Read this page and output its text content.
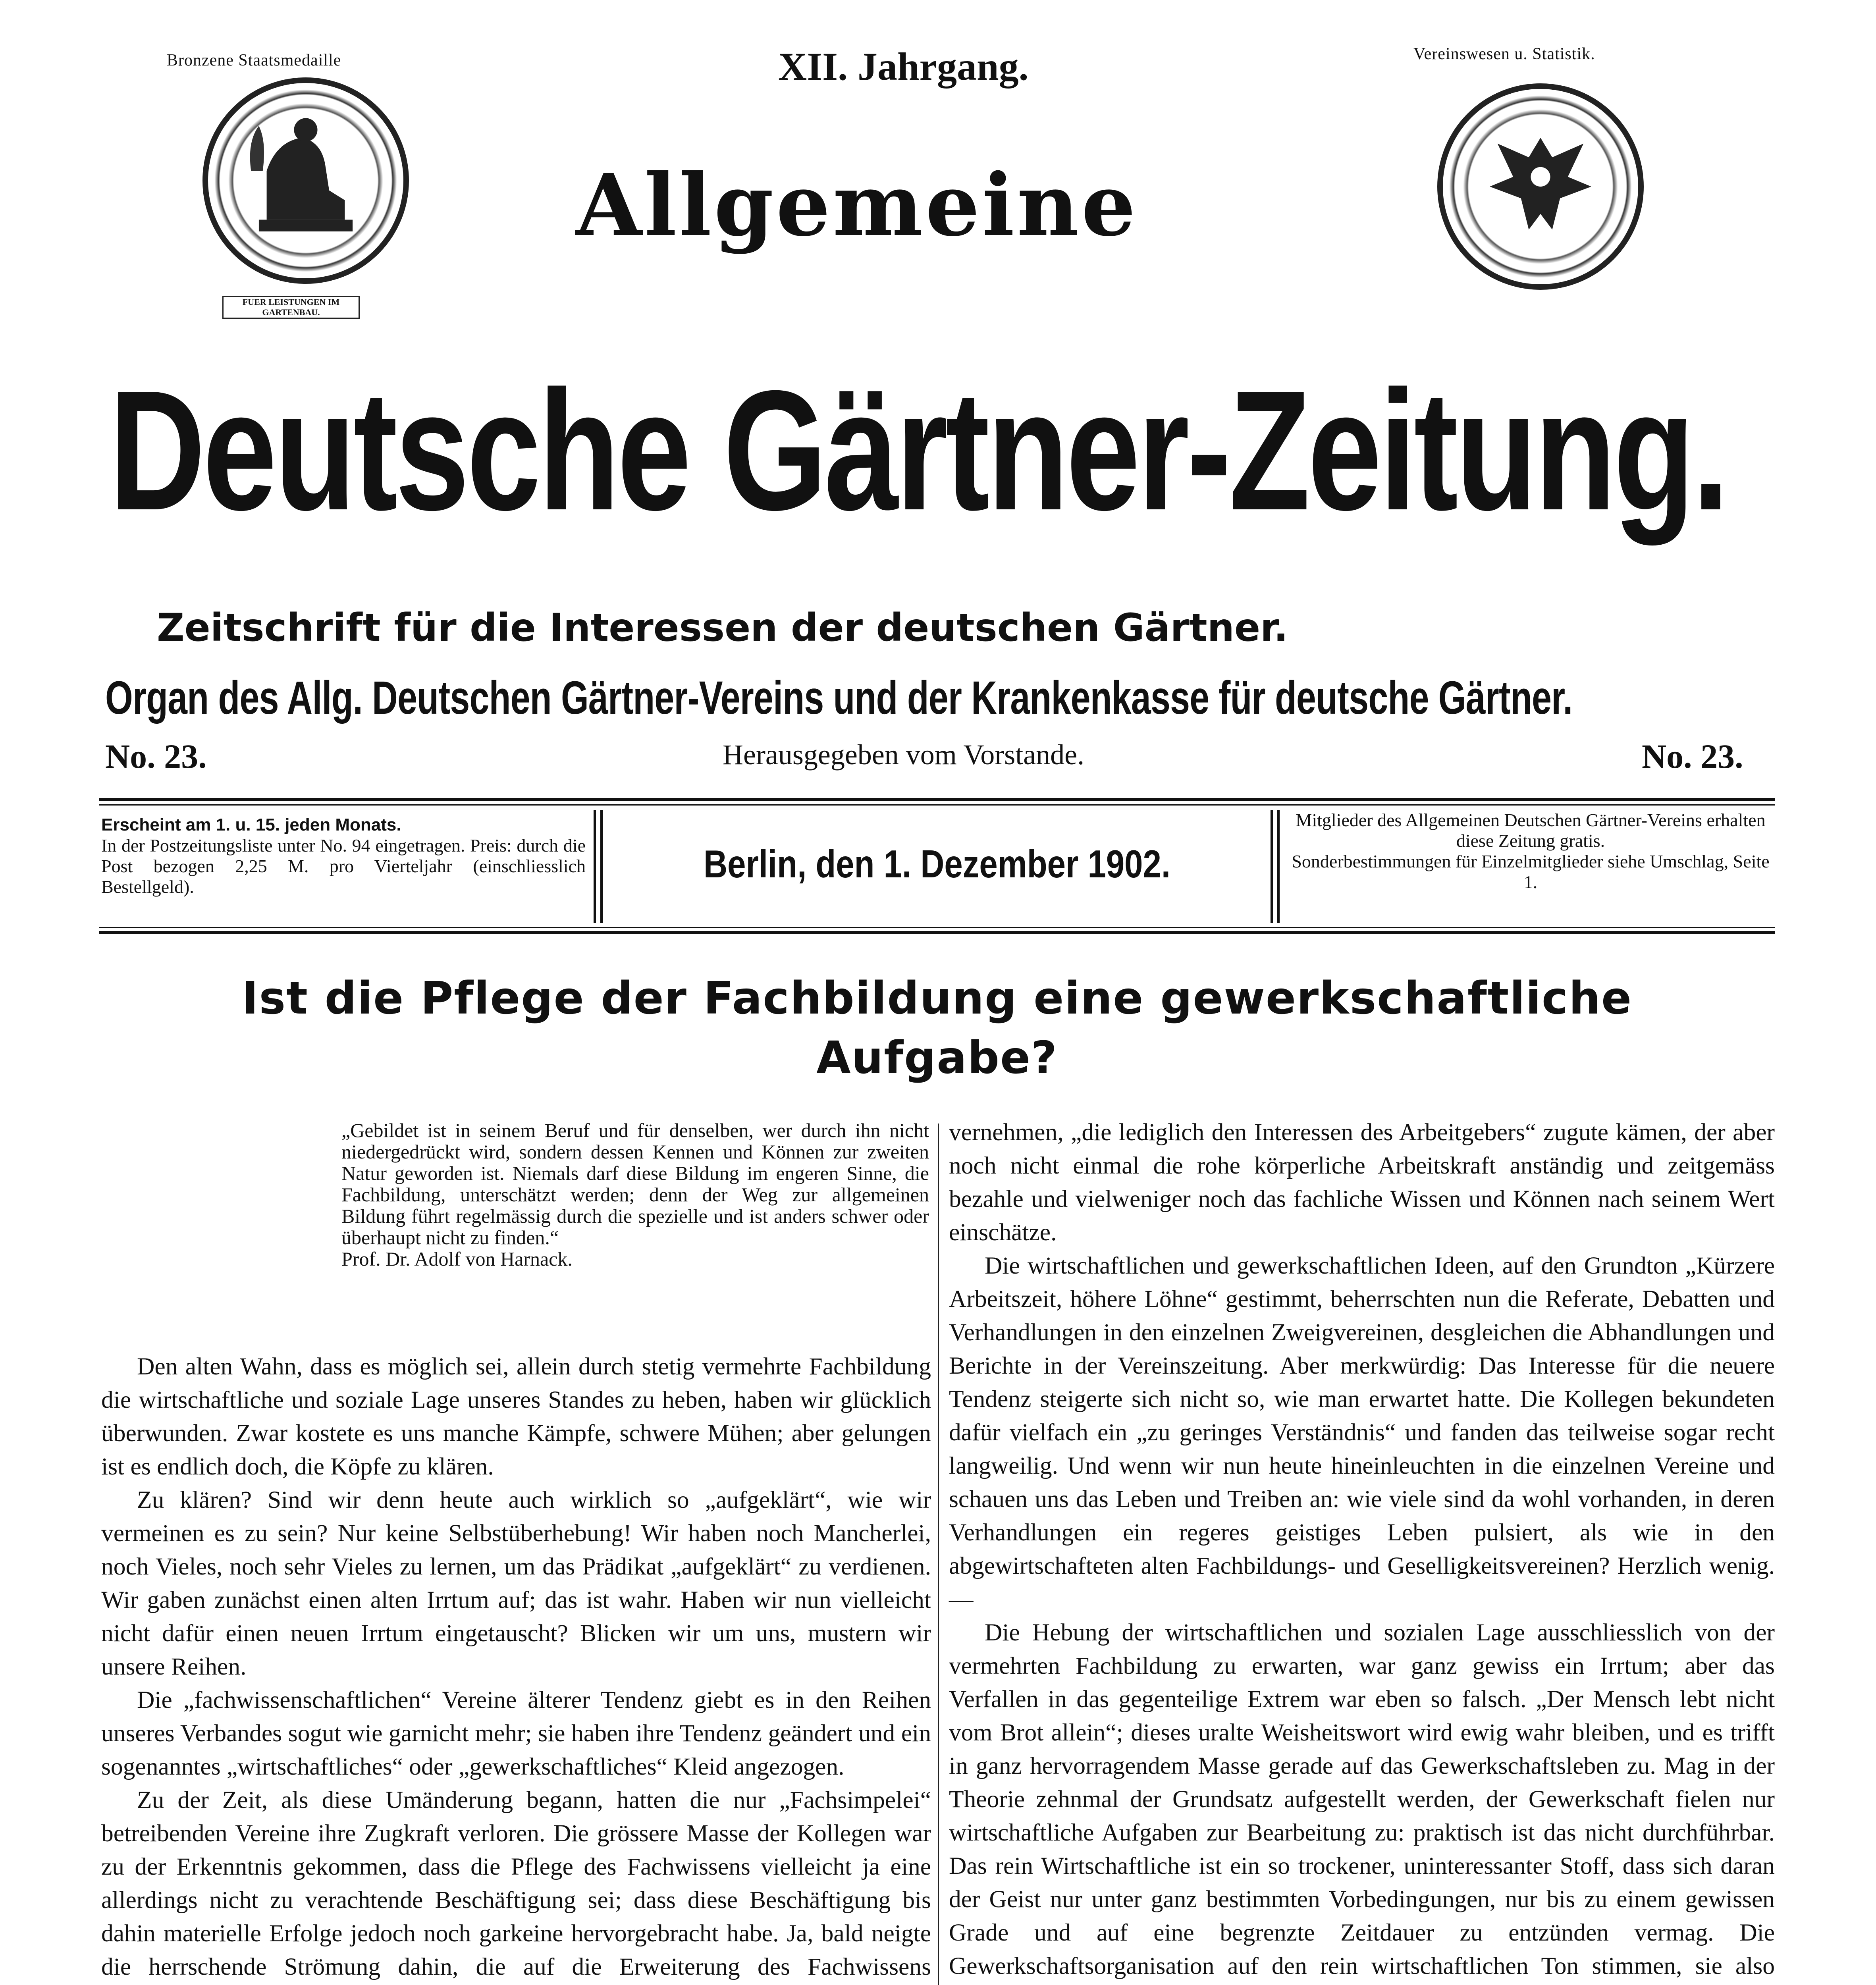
Bronzene Staatsmedaille	Vereinswesen u. Statistik.
FUER LEISTUNGEN IM GARTENBAU.
XII. Jahrgang.
Allgemeine
Deutsche Gärtner-Zeitung.
Zeitschrift für die Interessen der deutschen Gärtner.
Organ des Allg. Deutschen Gärtner-Vereins und der Krankenkasse für deutsche Gärtner.
No. 23.	Herausgegeben vom Vorstande.	No. 23.
Erscheint am 1. u. 15. jeden Monats.
In der Postzeitungsliste unter No. 94 eingetragen. Preis: durch die Post bezogen 2,25 M. pro Vierteljahr (einschliesslich Bestellgeld).
Berlin, den 1. Dezember 1902.
Mitglieder des Allgemeinen Deutschen Gärtner-Vereins erhalten diese Zeitung gratis.
Sonderbestimmungen für Einzelmitglieder siehe Umschlag, Seite 1.
Ist die Pflege der Fachbildung eine gewerkschaftliche Aufgabe?
„Gebildet ist in seinem Beruf und für denselben, wer durch ihn nicht niedergedrückt wird, sondern dessen Kennen und Können zur zweiten Natur geworden ist. Niemals darf diese Bildung im engeren Sinne, die Fachbildung, unterschätzt werden; denn der Weg zur allgemeinen Bildung führt regelmässig durch die spezielle und ist anders schwer oder überhaupt nicht zu finden.“
Prof. Dr. Adolf von Harnack.

Den alten Wahn, dass es möglich sei, allein durch stetig vermehrte Fachbildung die wirtschaftliche und soziale Lage unseres Standes zu heben, haben wir glücklich überwunden. Zwar kostete es uns manche Kämpfe, schwere Mühen; aber gelungen ist es endlich doch, die Köpfe zu klären.

Zu klären? Sind wir denn heute auch wirklich so „aufgeklärt“, wie wir vermeinen es zu sein? Nur keine Selbstüberhebung! Wir haben noch Mancherlei, noch Vieles, noch sehr Vieles zu lernen, um das Prädikat „aufgeklärt“ zu verdienen. Wir gaben zunächst einen alten Irrtum auf; das ist wahr. Haben wir nun vielleicht nicht dafür einen neuen Irrtum eingetauscht? Blicken wir um uns, mustern wir unsere Reihen.

Die „fachwissenschaftlichen“ Vereine älterer Tendenz giebt es in den Reihen unseres Verbandes sogut wie garnicht mehr; sie haben ihre Tendenz geändert und ein sogenanntes „wirtschaftliches“ oder „gewerkschaftliches“ Kleid angezogen.

Zu der Zeit, als diese Umänderung begann, hatten die nur „Fachsimpelei“ betreibenden Vereine ihre Zugkraft verloren. Die grössere Masse der Kollegen war zu der Erkenntnis gekommen, dass die Pflege des Fachwissens vielleicht ja eine allerdings nicht zu verachtende Beschäftigung sei; dass diese Beschäftigung bis dahin materielle Erfolge jedoch noch garkeine hervorgebracht habe. Ja, bald neigte die herrschende Strömung dahin, die auf die Erweiterung des Fachwissens

vernehmen, „die lediglich den Interessen des Arbeitgebers“ zugute kämen, der aber noch nicht einmal die rohe körperliche Arbeitskraft anständig und zeitgemäss bezahle und vielweniger noch das fachliche Wissen und Können nach seinem Wert einschätze.

Die wirtschaftlichen und gewerkschaftlichen Ideen, auf den Grundton „Kürzere Arbeitszeit, höhere Löhne“ gestimmt, beherrschten nun die Referate, Debatten und Verhandlungen in den einzelnen Zweigvereinen, desgleichen die Abhandlungen und Berichte in der Vereinszeitung. Aber merkwürdig: Das Interesse für die neuere Tendenz steigerte sich nicht so, wie man erwartet hatte. Die Kollegen bekundeten dafür vielfach ein „zu geringes Verständnis“ und fanden das teilweise sogar recht langweilig. Und wenn wir nun heute hineinleuchten in die einzelnen Vereine und schauen uns das Leben und Treiben an: wie viele sind da wohl vorhanden, in deren Verhandlungen ein regeres geistiges Leben pulsiert, als wie in den abgewirtschafteten alten Fachbildungs- und Geselligkeitsvereinen? Herzlich wenig. —

Die Hebung der wirtschaftlichen und sozialen Lage ausschliesslich von der vermehrten Fachbildung zu erwarten, war ganz gewiss ein Irrtum; aber das Verfallen in das gegenteilige Extrem war eben so falsch. „Der Mensch lebt nicht vom Brot allein“; dieses uralte Weisheitswort wird ewig wahr bleiben, und es trifft in ganz hervorragendem Masse gerade auf das Gewerkschaftsleben zu. Mag in der Theorie zehnmal der Grundsatz aufgestellt werden, der Gewerkschaft fielen nur wirtschaftliche Aufgaben zur Bearbeitung zu: praktisch ist das nicht durchführbar. Das rein Wirtschaftliche ist ein so trockener, uninteressanter Stoff, dass sich daran der Geist nur unter ganz bestimmten Vorbedingungen, nur bis zu einem gewissen Grade und auf eine begrenzte Zeitdauer zu entzünden vermag. Die Gewerkschaftsorganisation auf den rein wirtschaftlichen Ton stimmen, sie also
